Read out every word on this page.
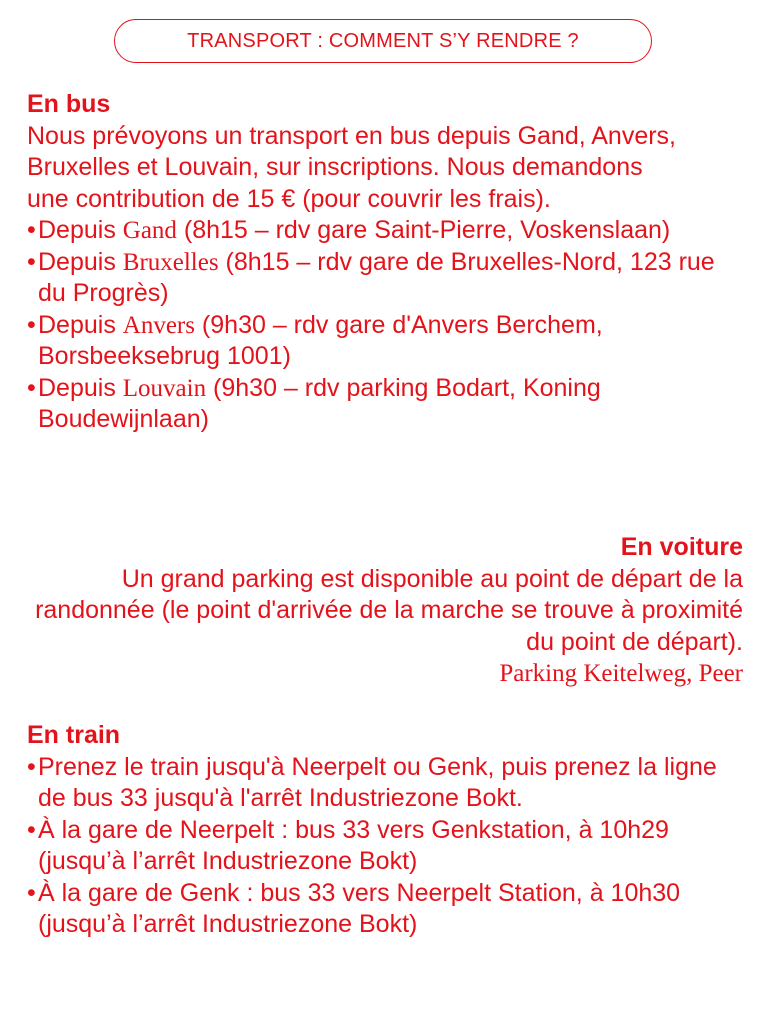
TRANSPORT : COMMENT S’Y RENDRE ?
En bus
Nous prévoyons un transport en bus depuis Gand, Anvers, Bruxelles et Louvain, sur inscriptions. Nous demandons une contribution de 15 € (pour couvrir les frais).
• Depuis Gand (8h15 – rdv gare Saint-Pierre, Voskenslaan)
• Depuis Bruxelles (8h15 – rdv gare de Bruxelles-Nord, 123 rue du Progrès)
• Depuis Anvers (9h30 – rdv gare d'Anvers Berchem, Borsbeeksebrug 1001)
• Depuis Louvain (9h30 – rdv parking Bodart, Koning Boudewijnlaan)
En voiture
Un grand parking est disponible au point de départ de la randonnée (le point d'arrivée de la marche se trouve à proximité du point de départ).
Parking Keitelweg, Peer
En train
• Prenez le train jusqu'à Neerpelt ou Genk, puis prenez la ligne de bus 33 jusqu'à l'arrêt Industriezone Bokt.
• À la gare de Neerpelt : bus 33 vers Genkstation, à 10h29 (jusqu’à l’arrêt Industriezone Bokt)
• À la gare de Genk : bus 33 vers Neerpelt Station, à 10h30 (jusqu’à l’arrêt Industriezone Bokt)
